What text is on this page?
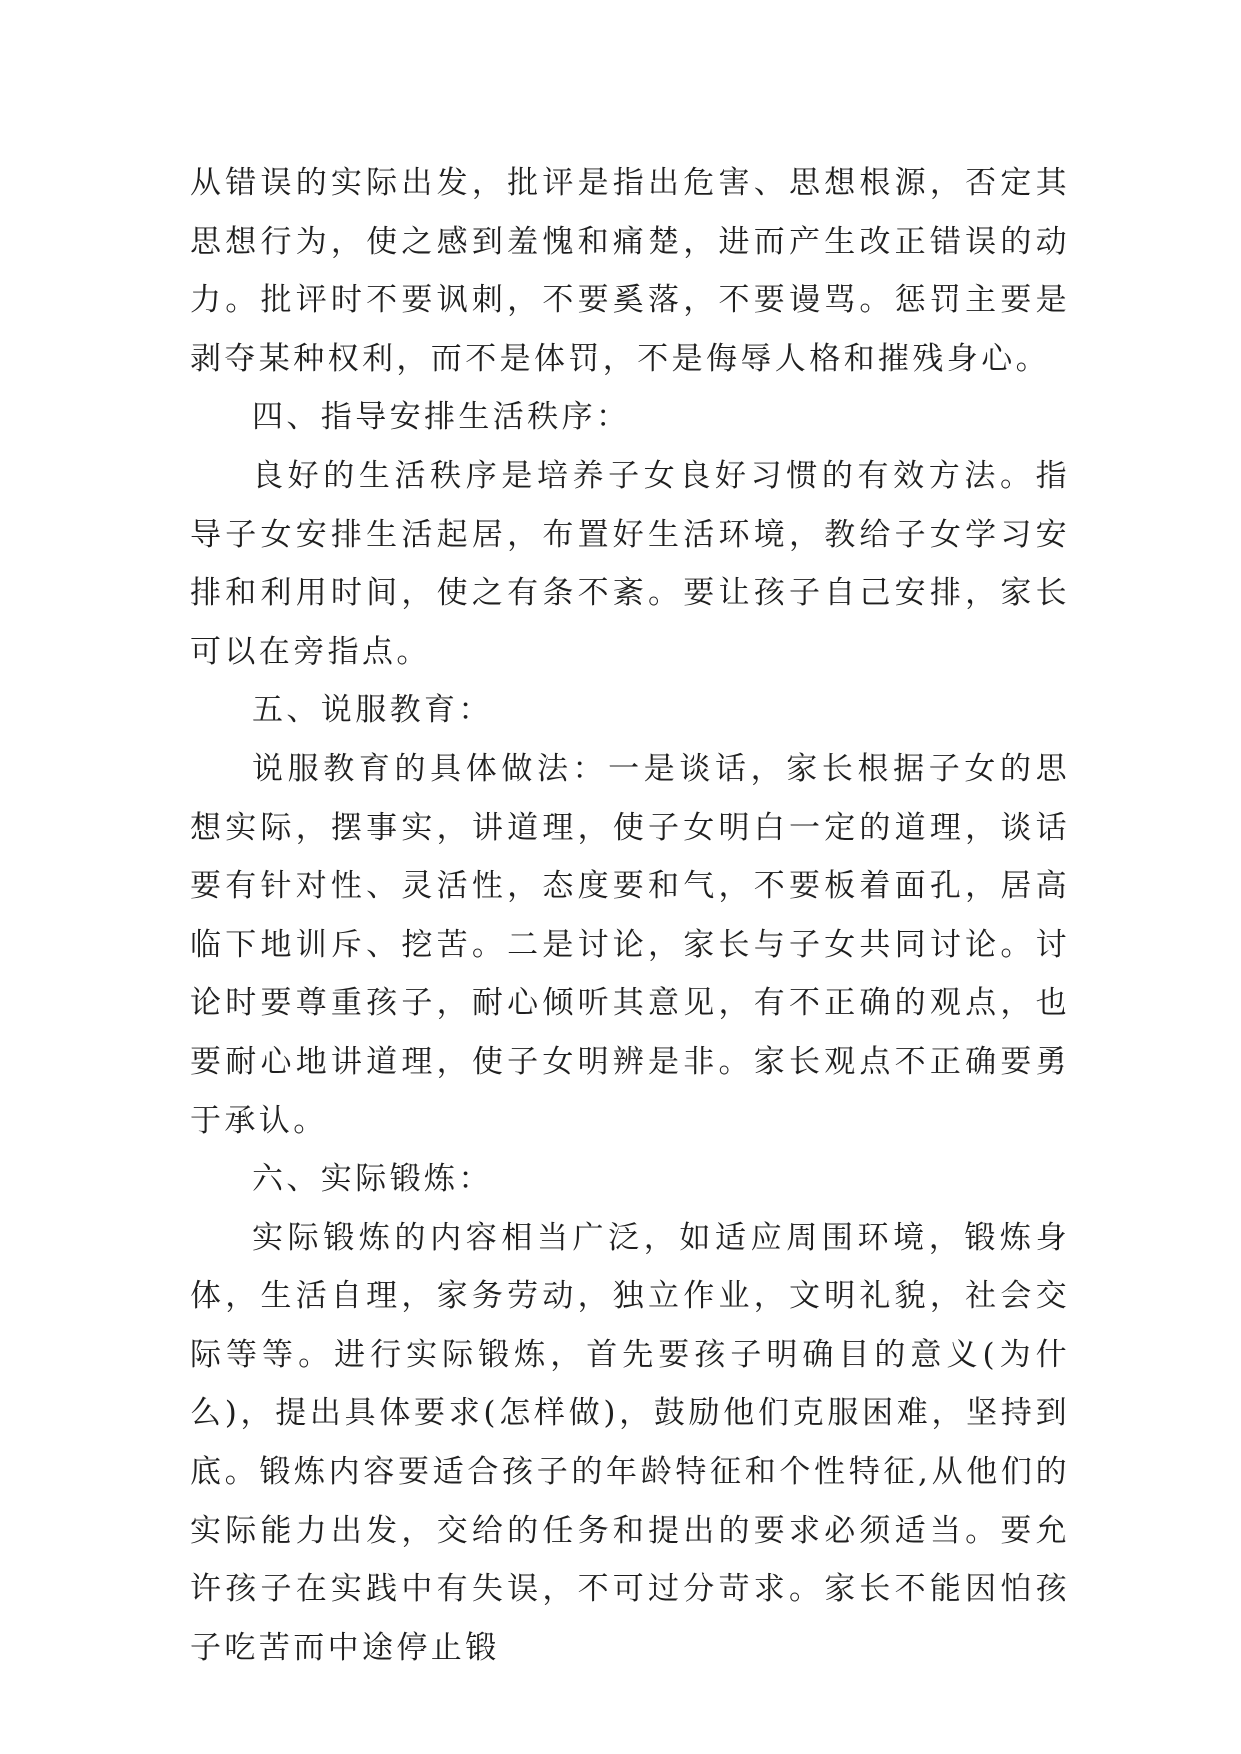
从错误的实际出发，批评是指出危害、思想根源，否定其思想行为，使之感到羞愧和痛楚，进而产生改正错误的动力。批评时不要讽刺，不要奚落，不要谩骂。惩罚主要是剥夺某种权利，而不是体罚，不是侮辱人格和摧残身心。

四、指导安排生活秩序：

良好的生活秩序是培养子女良好习惯的有效方法。指导子女安排生活起居，布置好生活环境，教给子女学习安排和利用时间，使之有条不紊。要让孩子自己安排，家长可以在旁指点。

五、说服教育：

说服教育的具体做法：一是谈话，家长根据子女的思想实际，摆事实，讲道理，使子女明白一定的道理，谈话要有针对性、灵活性，态度要和气，不要板着面孔，居高临下地训斥、挖苦。二是讨论，家长与子女共同讨论。讨论时要尊重孩子，耐心倾听其意见，有不正确的观点，也要耐心地讲道理，使子女明辨是非。家长观点不正确要勇于承认。

六、实际锻炼：

实际锻炼的内容相当广泛，如适应周围环境，锻炼身体，生活自理，家务劳动，独立作业，文明礼貌，社会交际等等。进行实际锻炼，首先要孩子明确目的意义(为什么)，提出具体要求(怎样做)，鼓励他们克服困难，坚持到底。锻炼内容要适合孩子的年龄特征和个性特征,从他们的实际能力出发，交给的任务和提出的要求必须适当。要允许孩子在实践中有失误，不可过分苛求。家长不能因怕孩子吃苦而中途停止锻
